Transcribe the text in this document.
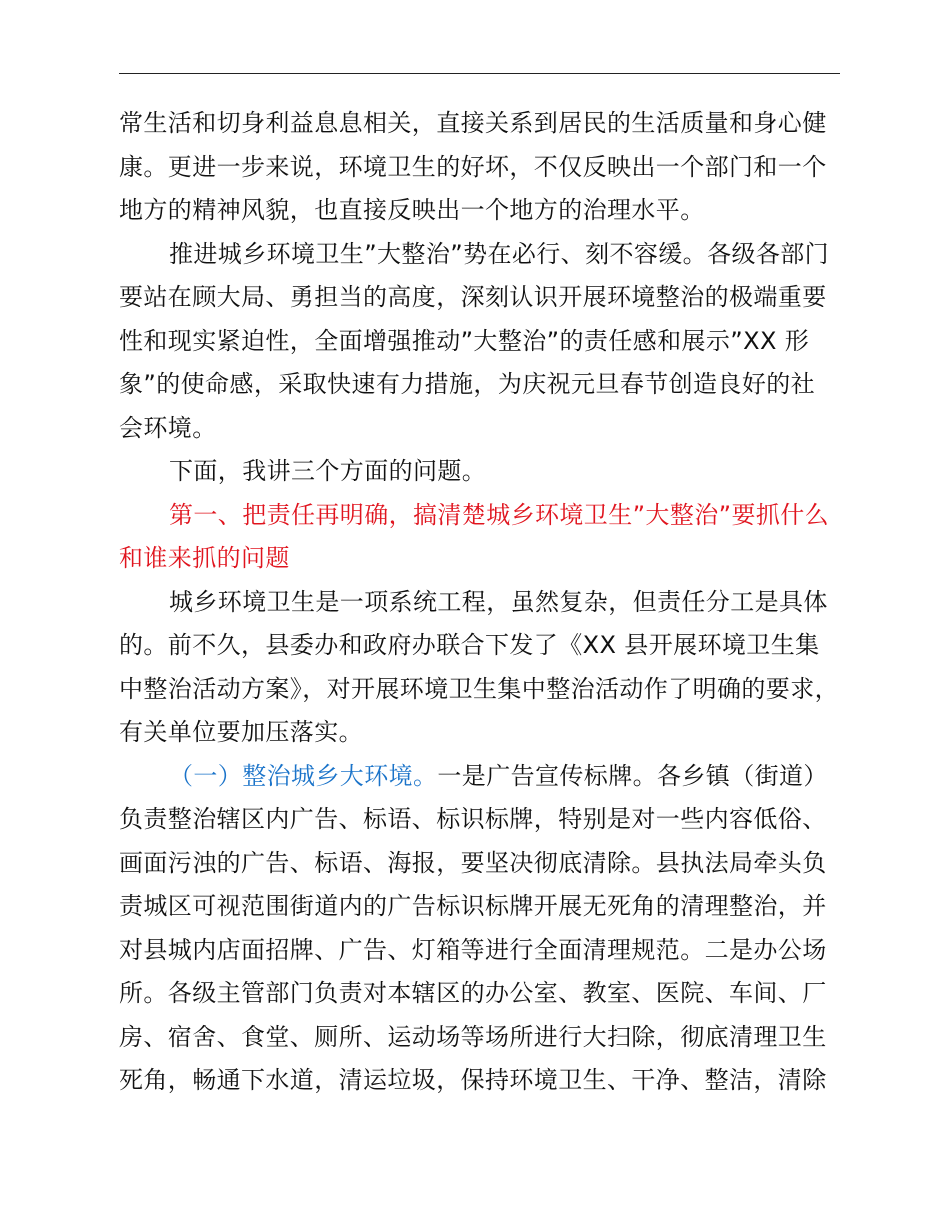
常生活和切身利益息息相关，直接关系到居民的生活质量和身心健
康。更进一步来说，环境卫生的好坏，不仅反映出一个部门和一个
地方的精神风貌，也直接反映出一个地方的治理水平。
推进城乡环境卫生”大整治”势在必行、刻不容缓。各级各部门
要站在顾大局、勇担当的高度，深刻认识开展环境整治的极端重要
性和现实紧迫性，全面增强推动”大整治”的责任感和展示”XX 形
象”的使命感，采取快速有力措施，为庆祝元旦春节创造良好的社
会环境。
下面，我讲三个方面的问题。
第一、把责任再明确，搞清楚城乡环境卫生”大整治”要抓什么
和谁来抓的问题
城乡环境卫生是一项系统工程，虽然复杂，但责任分工是具体
的。前不久，县委办和政府办联合下发了《XX 县开展环境卫生集
中整治活动方案》，对开展环境卫生集中整治活动作了明确的要求，
有关单位要加压落实。
（一）整治城乡大环境。一是广告宣传标牌。各乡镇（街道）
负责整治辖区内广告、标语、标识标牌，特别是对一些内容低俗、
画面污浊的广告、标语、海报，要坚决彻底清除。县执法局牵头负
责城区可视范围街道内的广告标识标牌开展无死角的清理整治，并
对县城内店面招牌、广告、灯箱等进行全面清理规范。二是办公场
所。各级主管部门负责对本辖区的办公室、教室、医院、车间、厂
房、宿舍、食堂、厕所、运动场等场所进行大扫除，彻底清理卫生
死角，畅通下水道，清运垃圾，保持环境卫生、干净、整洁，清除
